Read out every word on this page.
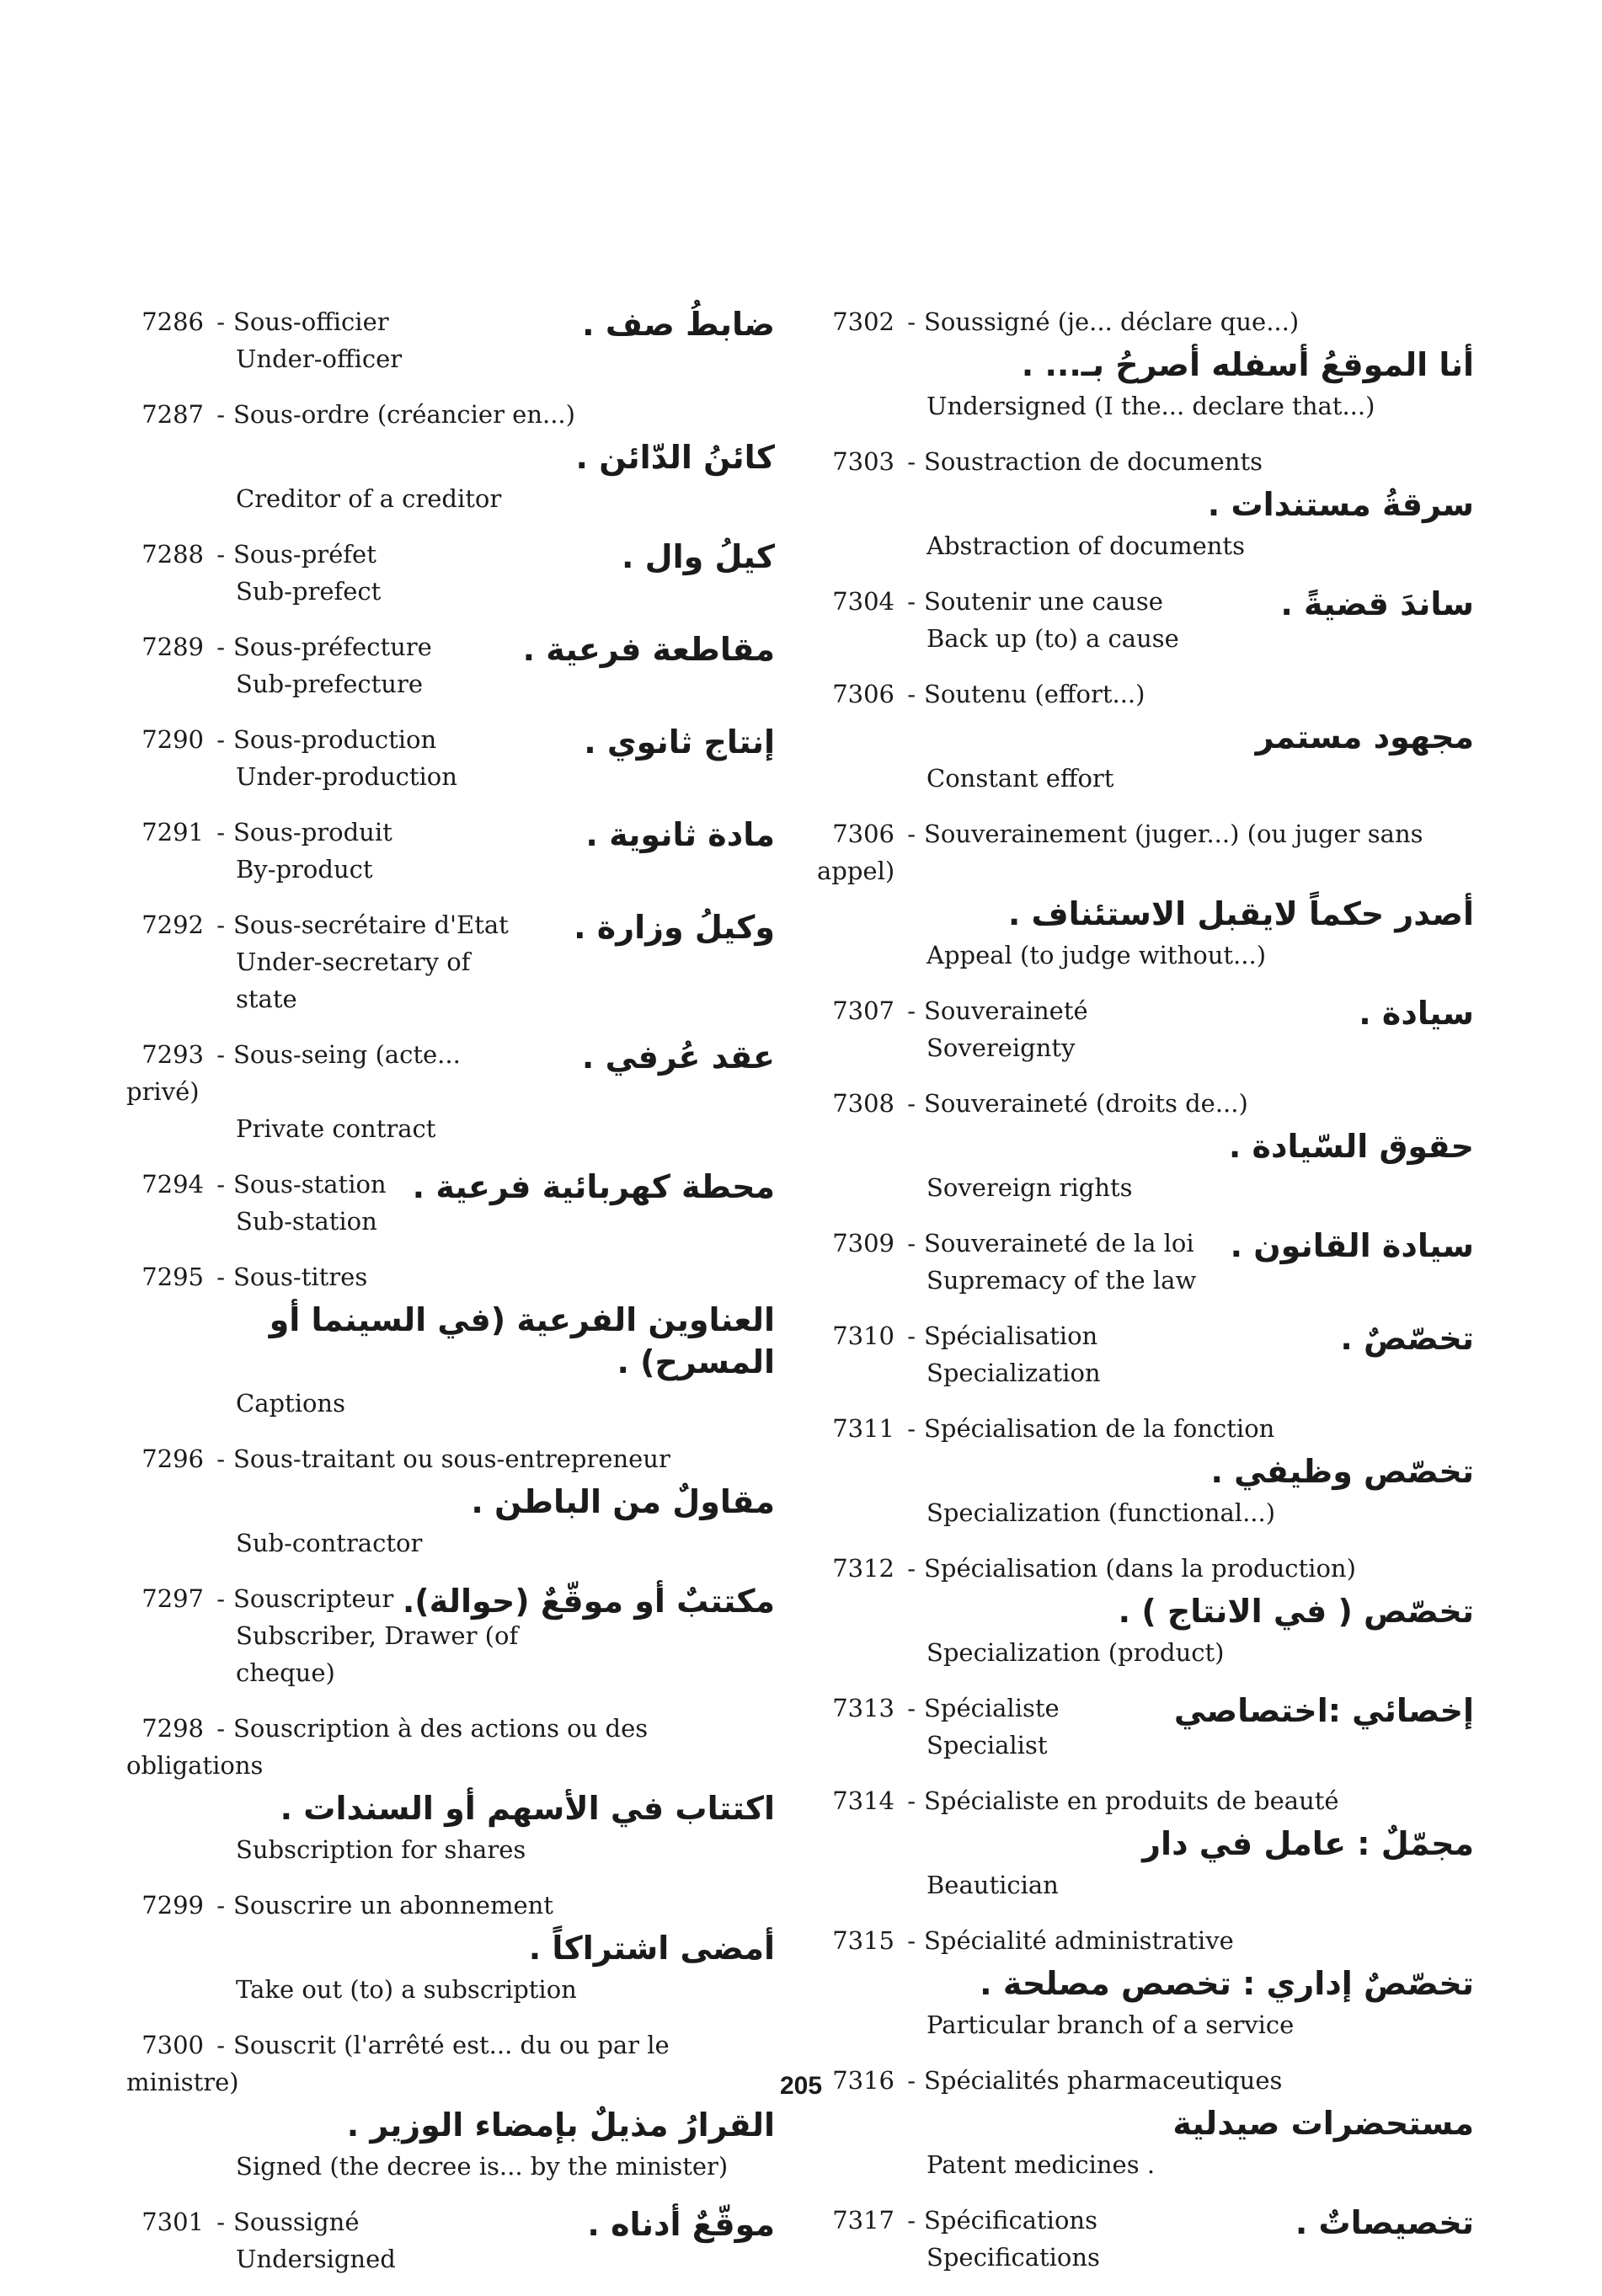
7286 - Sous-officier	ضابطُ صف .
Under-officer
7287 - Sous-ordre (créancier en...)
كائنُ الدّائن .
Creditor of a creditor
7288 - Sous-préfet	كيلُ وال .
Sub-prefect
7289 - Sous-préfecture	مقاطعة فرعية .
Sub-prefecture
7290 - Sous-production	إنتاج ثانوي .
Under-production
7291 - Sous-produit	مادة ثانوية .
By-product
7292 - Sous-secrétaire d'Etat	وكيلُ وزارة .
Under-secretary of state
7293 - Sous-seing (acte... privé)
عقد عُرفي .
Private contract
7294 - Sous-station محطة كهربائية فرعية .
Sub-station
7295 - Sous-titres
العناوين الفرعية (في السينما أو المسرح) .
Captions
7296 - Sous-traitant ou sous-entrepreneur
مقاولٌ من الباطن .
Sub-contractor
7297 - Souscripteur مكتتبٌ أو موقّعٌ (حوالة).
Subscriber, Drawer (of cheque)
7298 - Souscription à des actions ou des obligations
اكتتاب في الأسهم أو السندات .
Subscription for shares
7299 - Souscrire un abonnement
أمضى اشتراكاً .
Take out (to) a subscription
7300 - Souscrit (l'arrêté est... du ou par le ministre)
القرارُ مذيلٌ بإمضاء الوزير .
Signed (the decree is... by the minister)
7301 - Soussigné	موقّعٌ أدناه .
Undersigned
7302 - Soussigné (je... déclare que...)
أنا الموقعُ أسفله أصرحُ بـ... .
Undersigned (I the... declare that...)
7303 - Soustraction de documents
سرقةُ مستندات .
Abstraction of documents
7304 - Soutenir une cause	ساندَ قضيةً .
Back up (to) a cause
7306 - Soutenu (effort...)
مجهود مستمر
Constant effort
7306 - Souverainement (juger...) (ou juger sans appel)
أصدر حكماً لايقبل الاستئناف .
Appeal (to judge without...)
7307 - Souveraineté	سيادة .
Sovereignty
7308 - Souveraineté (droits de...)
حقوق السّيادة .
Sovereign rights
7309 - Souveraineté de la loi	سيادة القانون .
Supremacy of the law
7310 - Spécialisation	تخصّصٌ .
Specialization
7311 - Spécialisation de la fonction
تخصّص وظيفي .
Specialization (functional...)
7312 - Spécialisation (dans la production)
تخصّص ( في الانتاج ) .
Specialization (product)
7313 - Spécialiste	إخصائي :اختصاصي
Specialist
7314 - Spécialiste en produits de beauté
مجمّلٌ : عامل في دار
Beautician
7315 - Spécialité administrative
تخصّصٌ إداري : تخصص مصلحة .
Particular branch of a service
7316 - Spécialités pharmaceutiques
مستحضرات صيدلية
Patent medicines .
7317 - Spécifications	تخصيصاتٌ .
Specifications
205
